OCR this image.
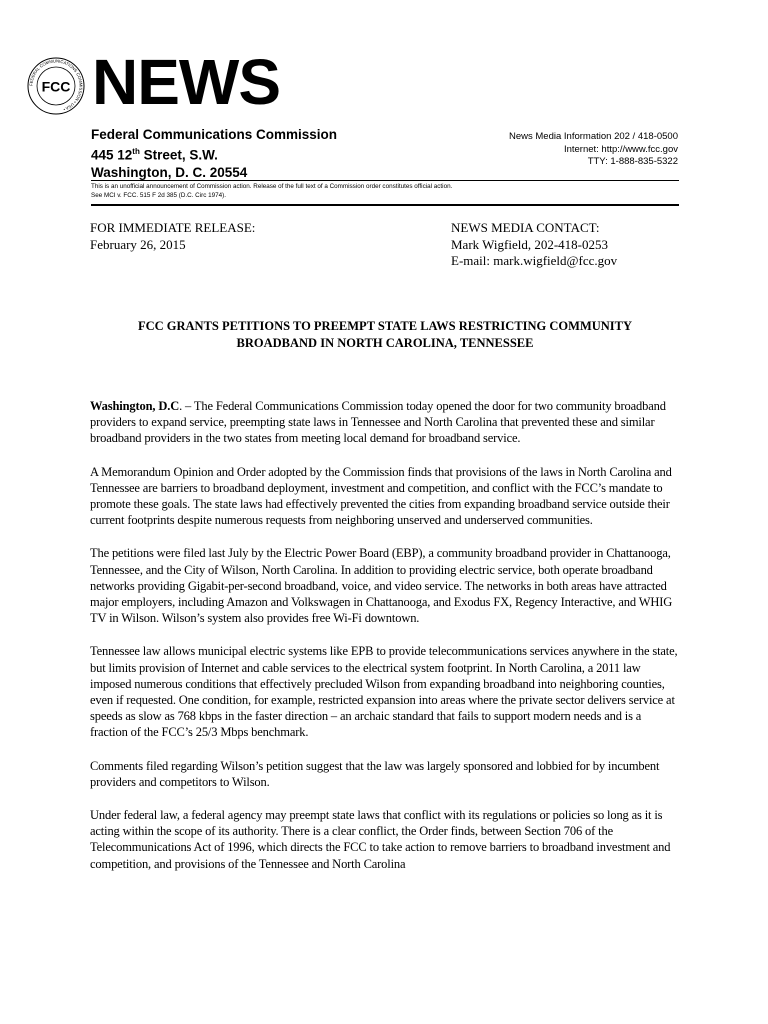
FEDERAL COMMUNICATIONS COMMISSION • USA •
FCC NEWS
Federal Communications Commission
445 12th Street, S.W.
Washington, D. C. 20554
News Media Information 202 / 418-0500
Internet: http://www.fcc.gov
TTY: 1-888-835-5322
This is an unofficial announcement of Commission action. Release of the full text of a Commission order constitutes official action.
See MCI v. FCC. 515 F 2d 385 (D.C. Circ 1974).
FOR IMMEDIATE RELEASE:
February 26, 2015
NEWS MEDIA CONTACT:
Mark Wigfield, 202-418-0253
E-mail: mark.wigfield@fcc.gov
FCC GRANTS PETITIONS TO PREEMPT STATE LAWS RESTRICTING COMMUNITY
BROADBAND IN NORTH CAROLINA, TENNESSEE

Washington, D.C. – The Federal Communications Commission today opened the door for two community broadband providers to expand service, preempting state laws in Tennessee and North Carolina that prevented these and similar broadband providers in the two states from meeting local demand for broadband service.

A Memorandum Opinion and Order adopted by the Commission finds that provisions of the laws in North Carolina and Tennessee are barriers to broadband deployment, investment and competition, and conflict with the FCC’s mandate to promote these goals. The state laws had effectively prevented the cities from expanding broadband service outside their current footprints despite numerous requests from neighboring unserved and underserved communities.

The petitions were filed last July by the Electric Power Board (EBP), a community broadband provider in Chattanooga, Tennessee, and the City of Wilson, North Carolina. In addition to providing electric service, both operate broadband networks providing Gigabit-per-second broadband, voice, and video service. The networks in both areas have attracted major employers, including Amazon and Volkswagen in Chattanooga, and Exodus FX, Regency Interactive, and WHIG TV in Wilson. Wilson’s system also provides free Wi-Fi downtown.

Tennessee law allows municipal electric systems like EPB to provide telecommunications services anywhere in the state, but limits provision of Internet and cable services to the electrical system footprint. In North Carolina, a 2011 law imposed numerous conditions that effectively precluded Wilson from expanding broadband into neighboring counties, even if requested. One condition, for example, restricted expansion into areas where the private sector delivers service at speeds as slow as 768 kbps in the faster direction – an archaic standard that fails to support modern needs and is a fraction of the FCC’s 25/3 Mbps benchmark.

Comments filed regarding Wilson’s petition suggest that the law was largely sponsored and lobbied for by incumbent providers and competitors to Wilson.

Under federal law, a federal agency may preempt state laws that conflict with its regulations or policies so long as it is acting within the scope of its authority. There is a clear conflict, the Order finds, between Section 706 of the Telecommunications Act of 1996, which directs the FCC to take action to remove barriers to broadband investment and competition, and provisions of the Tennessee and North Carolina
